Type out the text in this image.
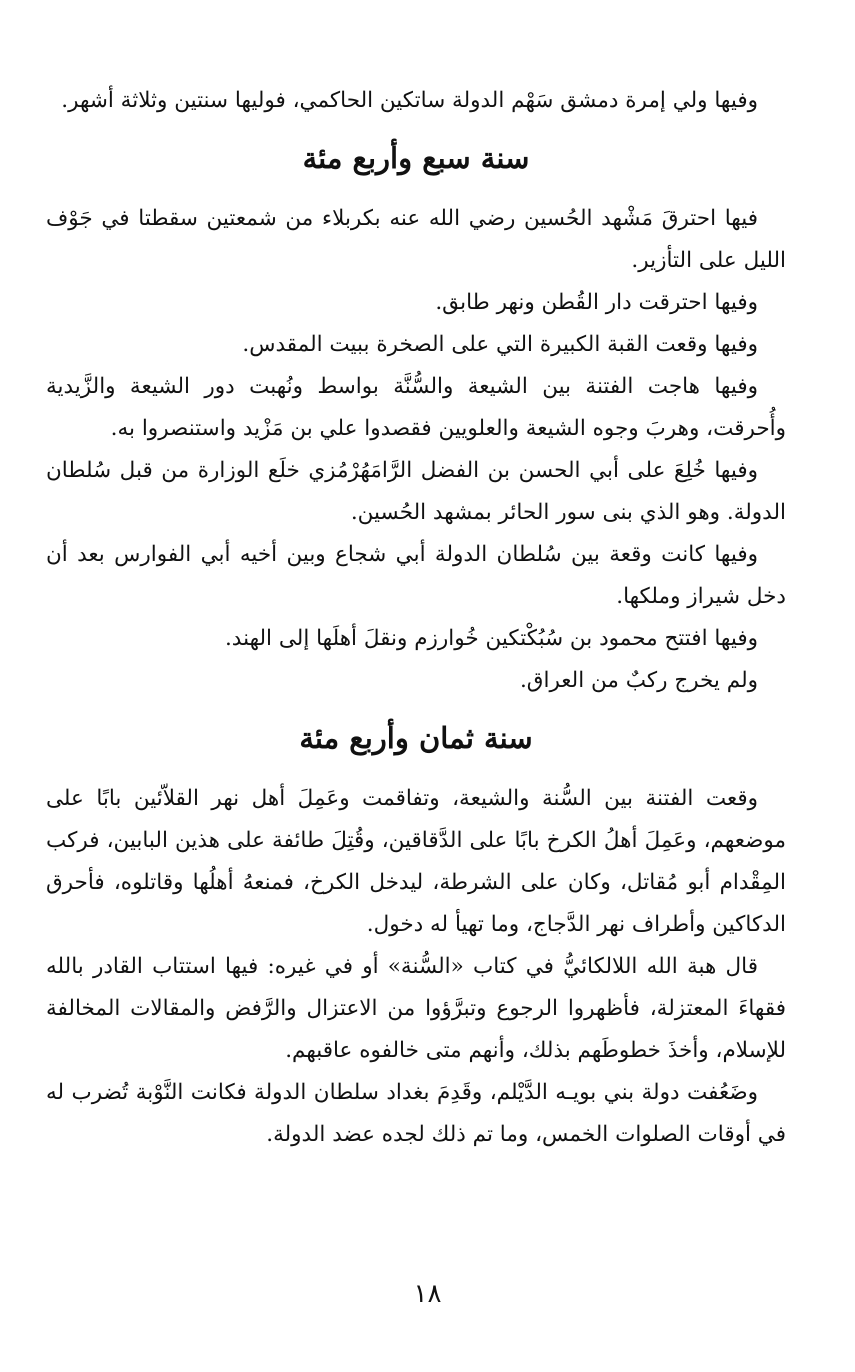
وفيها ولي إمرة دمشق سَهْم الدولة ساتكين الحاكمي، فوليها سنتين وثلاثة أشهر.

سنة سبع وأربع مئة

فيها احترقَ مَشْهد الحُسين رضي الله عنه بكربلاء من شمعتين سقطتا في جَوْف الليل على التأزير.

وفيها احترقت دار القُطن ونهر طابق.

وفيها وقعت القبة الكبيرة التي على الصخرة ببيت المقدس.

وفيها هاجت الفتنة بين الشيعة والسُّنَّة بواسط ونُهبت دور الشيعة والزَّيدية وأُحرقت، وهربَ وجوه الشيعة والعلويين فقصدوا علي بن مَزْيد واستنصروا به.

وفيها خُلِعَ على أبي الحسن بن الفضل الرَّامَهُرْمُزي خلَع الوزارة من قبل سُلطان الدولة. وهو الذي بنى سور الحائر بمشهد الحُسين.

وفيها كانت وقعة بين سُلطان الدولة أبي شجاع وبين أخيه أبي الفوارس بعد أن دخل شيراز وملكها.

وفيها افتتح محمود بن سُبُكْتكين خُوارزم ونقلَ أهلَها إلى الهند.

ولم يخرج ركبٌ من العراق.

سنة ثمان وأربع مئة

وقعت الفتنة بين السُّنة والشيعة، وتفاقمت وعَمِلَ أهل نهر القلاّئين بابًا على موضعهم، وعَمِلَ أهلُ الكرخ بابًا على الدَّقاقين، وقُتِلَ طائفة على هذين البابين، فركب المِقْدام أبو مُقاتل، وكان على الشرطة، ليدخل الكرخ، فمنعهُ أهلُها وقاتلوه، فأحرق الدكاكين وأطراف نهر الدَّجاج، وما تهيأ له دخول.

قال هبة الله اللالكائيُّ في كتاب «السُّنة» أو في غيره: فيها استتاب القادر بالله فقهاءَ المعتزلة، فأظهروا الرجوع وتبرَّؤوا من الاعتزال والرَّفض والمقالات المخالفة للإسلام، وأخذَ خطوطَهم بذلك، وأنهم متى خالفوه عاقبهم.

وضَعُفت دولة بني بويـه الدَّيْلم، وقَدِمَ بغداد سلطان الدولة فكانت النَّوْبة تُضرب له في أوقات الصلوات الخمس، وما تم ذلك لجده عضد الدولة.

١٨
